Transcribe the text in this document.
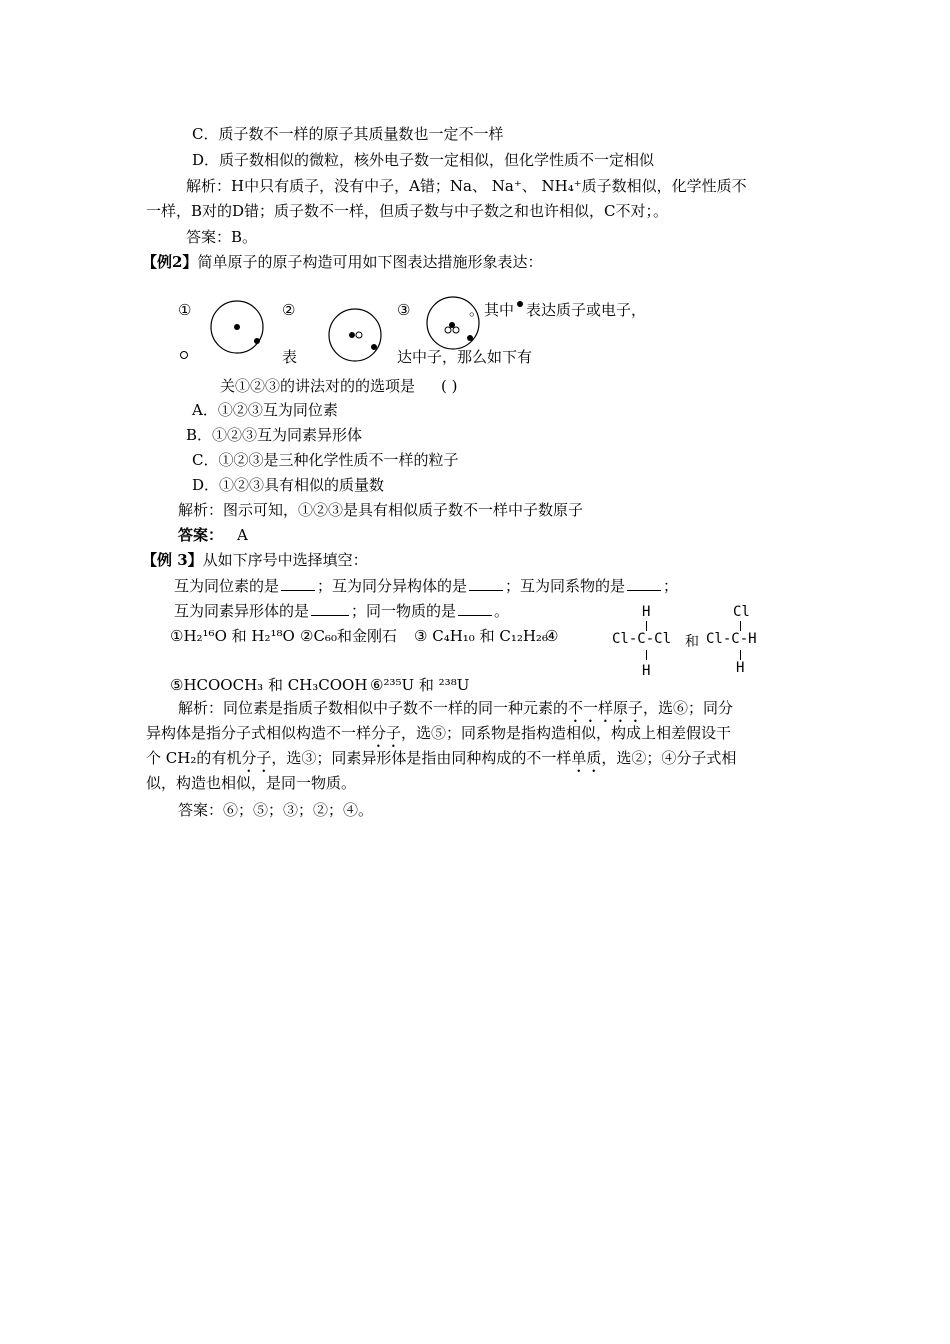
C．质子数不一样的原子其质量数也一定不一样
D．质子数相似的微粒，核外电子数一定相似，但化学性质不一定相似
解析：H中只有质子，没有中子，A错；Na、 Na⁺、 NH₄⁺质子数相似，化学性质不
一样，B对的D错；质子数不一样，但质子数与中子数之和也许相似，C不对；。
答案：B。
【例2】简单原子的原子构造可用如下图表达措施形象表达：
①	②	③	。其中 表达质子或电子，
表	达中子，那么如下有
关①②③的讲法对的的选项是 ( )
A．①②③互为同位素
B．①②③互为同素异形体
C．①②③是三种化学性质不一样的粒子
D．①②③具有相似的质量数
解析：图示可知，①②③是具有相似质子数不一样中子数原子
答案： A
【例 3】从如下序号中选择填空：
互为同位素的是	；互为同分异构体的是	；互为同系物的是	；
互为同素异形体的是	；同一物质的是	。
①H₂¹⁶O 和 H₂¹⁸O ②C₆₀和金刚石 ③ C₄H₁₀ 和 C₁₂H₂₆
④
H
Cl-C-Cl
H
和
Cl
Cl-C-H
H
⑤HCOOCH₃ 和 CH₃COOH ⑥²³⁵U 和 ²³⁸U
解析：同位素是指质子数相似中子数不一样的同一种元素的不一样原子，选⑥；同分
异构体是指分子式相似构造不一样分子，选⑤；同系物是指构造相似，构成上相差假设干
个 CH₂的有机分子，选③；同素异形体是指由同种构成的不一样单质，选②；④分子式相
似，构造也相似，是同一物质。
答案：⑥；⑤；③；②；④。
